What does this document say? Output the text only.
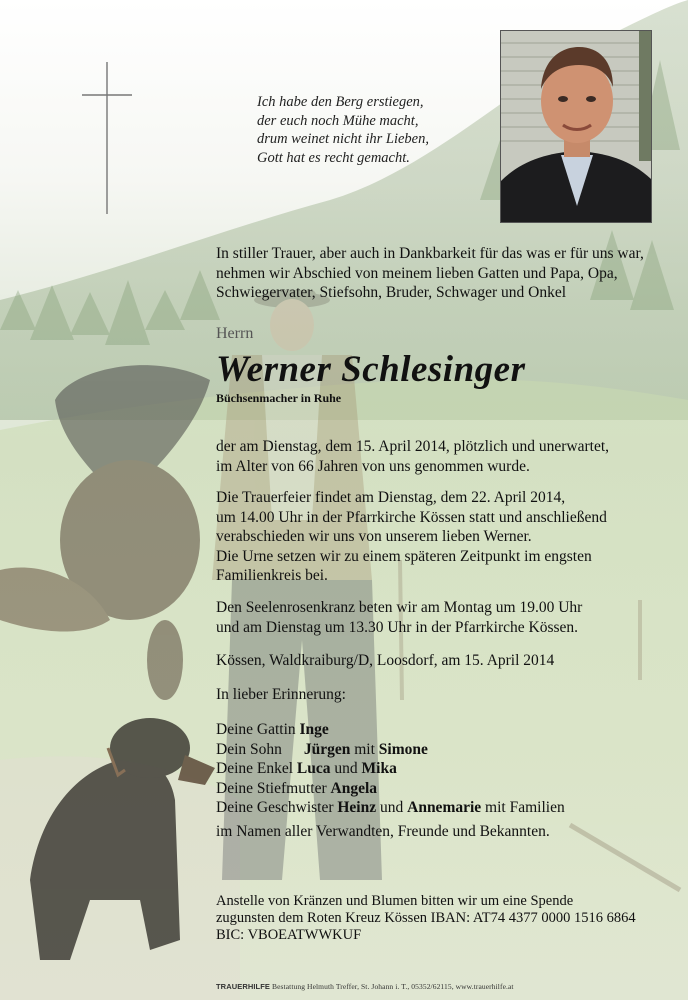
Ich habe den Berg erstiegen,
der euch noch Mühe macht,
drum weinet nicht ihr Lieben,
Gott hat es recht gemacht.
In stiller Trauer, aber auch in Dankbarkeit für das was er für uns war,
nehmen wir Abschied von meinem lieben Gatten und Papa, Opa,
Schwiegervater, Stiefsohn, Bruder, Schwager und Onkel
Herrn
Werner Schlesinger
Büchsenmacher in Ruhe
der am Dienstag, dem 15. April 2014, plötzlich und unerwartet,
im Alter von 66 Jahren von uns genommen wurde.
Die Trauerfeier findet am Dienstag, dem 22. April 2014,
um 14.00 Uhr in der Pfarrkirche Kössen statt und anschließend
verabschieden wir uns von unserem lieben Werner.
Die Urne setzen wir zu einem späteren Zeitpunkt im engsten
Familienkreis bei.
Den Seelenrosenkranz beten wir am Montag um 19.00 Uhr
und am Dienstag um 13.30 Uhr in der Pfarrkirche Kössen.
Kössen, Waldkraiburg/D, Loosdorf, am 15. April 2014
In lieber Erinnerung:
Deine Gattin Inge
Dein Sohn Jürgen mit Simone
Deine Enkel Luca und Mika
Deine Stiefmutter Angela
Deine Geschwister Heinz und Annemarie mit Familien
im Namen aller Verwandten, Freunde und Bekannten.
Anstelle von Kränzen und Blumen bitten wir um eine Spende
zugunsten dem Roten Kreuz Kössen IBAN: AT74 4377 0000 1516 6864
BIC: VBOEATWWKUF
TRAUERHILFE Bestattung Helmuth Treffer, St. Johann i. T., 05352/62115, www.trauerhilfe.at
